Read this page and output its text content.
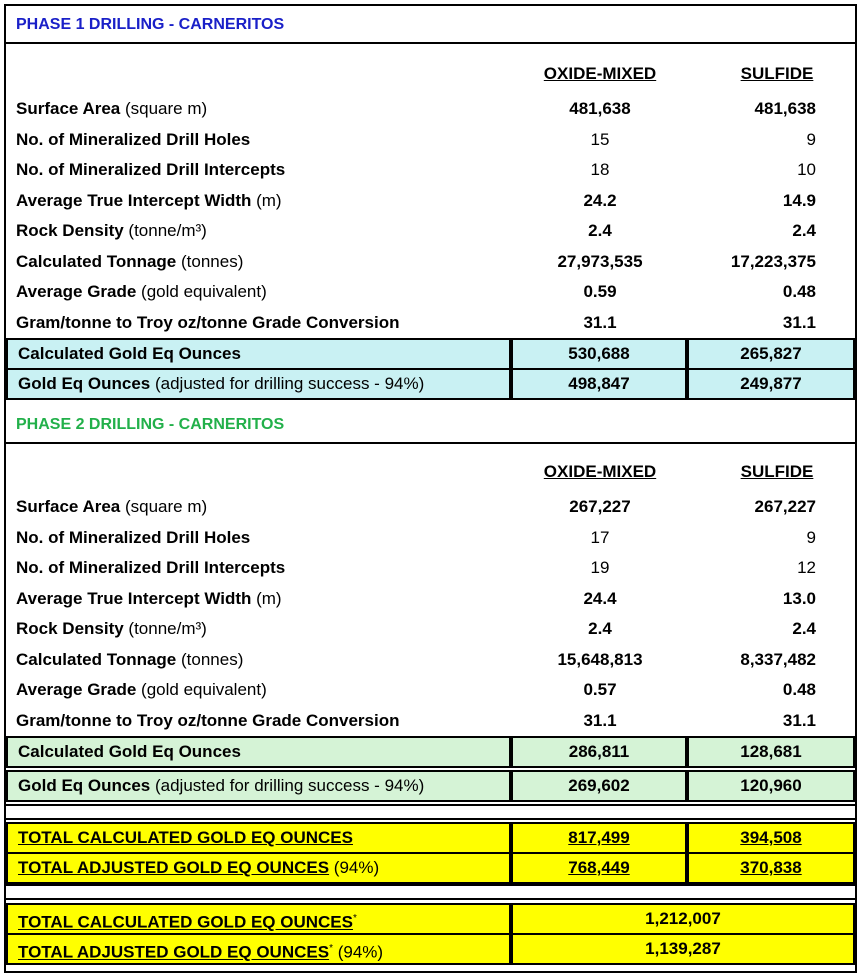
PHASE 1 DRILLING - CARNERITOS
OXIDE-MIXED	SULFIDE
Surface Area (square m)	481,638	481,638
No. of Mineralized Drill Holes	15	9
No. of Mineralized Drill Intercepts	18	10
Average True Intercept Width (m)	24.2	14.9
Rock Density (tonne/m³)	2.4	2.4
Calculated Tonnage (tonnes)	27,973,535	17,223,375
Average Grade (gold equivalent)	0.59	0.48
Gram/tonne to Troy oz/tonne Grade Conversion	31.1	31.1
Calculated Gold Eq Ounces	530,688	265,827
Gold Eq Ounces (adjusted for drilling success - 94%)	498,847	249,877
PHASE 2 DRILLING - CARNERITOS
OXIDE-MIXED	SULFIDE
Surface Area (square m)	267,227	267,227
No. of Mineralized Drill Holes	17	9
No. of Mineralized Drill Intercepts	19	12
Average True Intercept Width (m)	24.4	13.0
Rock Density (tonne/m³)	2.4	2.4
Calculated Tonnage (tonnes)	15,648,813	8,337,482
Average Grade (gold equivalent)	0.57	0.48
Gram/tonne to Troy oz/tonne Grade Conversion	31.1	31.1
Calculated Gold Eq Ounces	286,811	128,681
Gold Eq Ounces (adjusted for drilling success - 94%)	269,602	120,960
TOTAL CALCULATED GOLD EQ OUNCES	817,499	394,508
TOTAL ADJUSTED GOLD EQ OUNCES (94%)	768,449	370,838
TOTAL CALCULATED GOLD EQ OUNCES*	1,212,007
TOTAL ADJUSTED GOLD EQ OUNCES* (94%)	1,139,287
